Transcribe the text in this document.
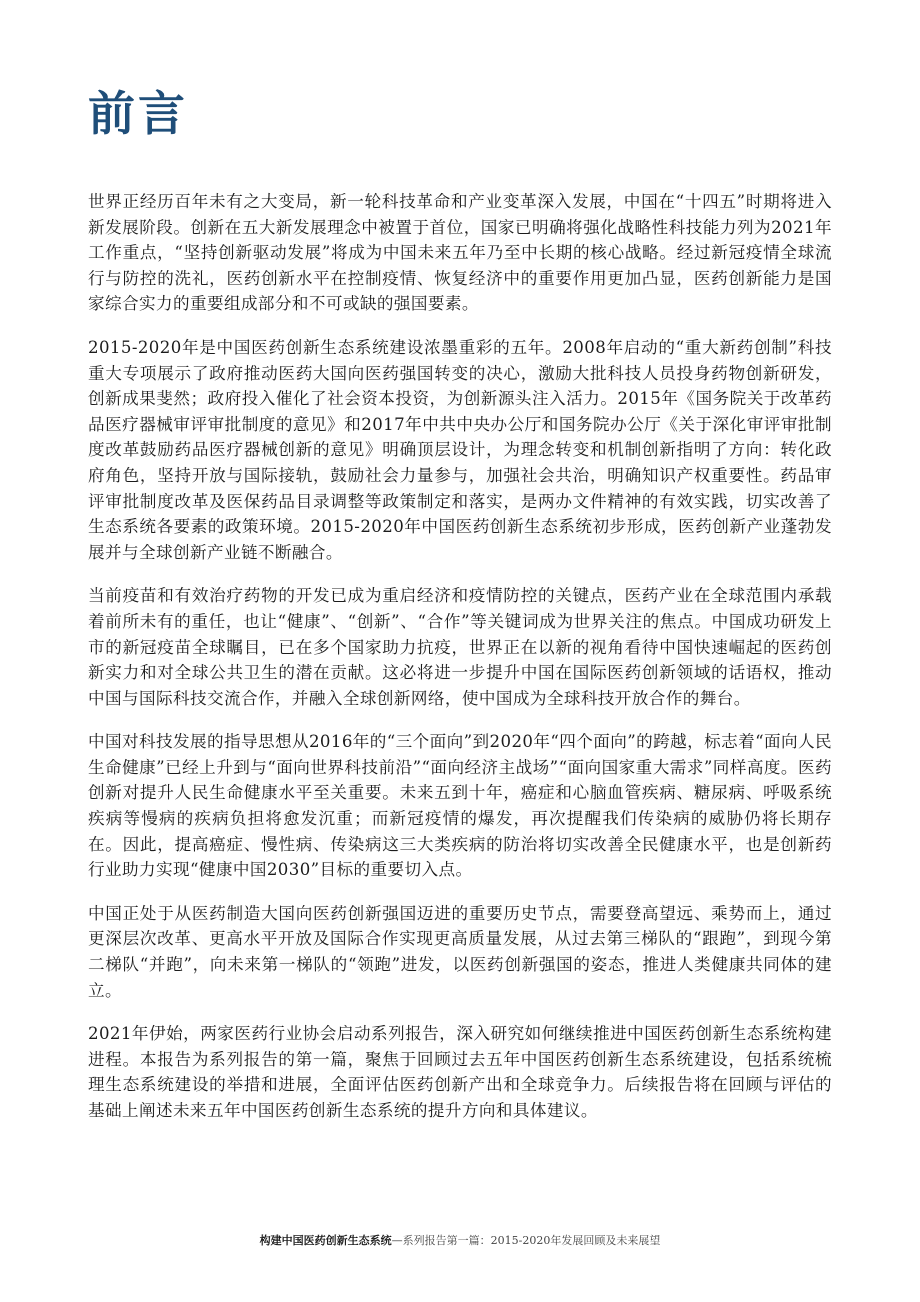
前言

世界正经历百年未有之大变局，新一轮科技革命和产业变革深入发展，中国在“十四五”时期将进入新发展阶段。创新在五大新发展理念中被置于首位，国家已明确将强化战略性科技能力列为2021年工作重点，“坚持创新驱动发展”将成为中国未来五年乃至中长期的核心战略。经过新冠疫情全球流行与防控的洗礼，医药创新水平在控制疫情、恢复经济中的重要作用更加凸显，医药创新能力是国家综合实力的重要组成部分和不可或缺的强国要素。

2015-2020年是中国医药创新生态系统建设浓墨重彩的五年。2008年启动的“重大新药创制”科技重大专项展示了政府推动医药大国向医药强国转变的决心，激励大批科技人员投身药物创新研发，创新成果斐然；政府投入催化了社会资本投资，为创新源头注入活力。2015年《国务院关于改革药品医疗器械审评审批制度的意见》和2017年中共中央办公厅和国务院办公厅《关于深化审评审批制度改革鼓励药品医疗器械创新的意见》明确顶层设计，为理念转变和机制创新指明了方向：转化政府角色，坚持开放与国际接轨，鼓励社会力量参与，加强社会共治，明确知识产权重要性。药品审评审批制度改革及医保药品目录调整等政策制定和落实，是两办文件精神的有效实践，切实改善了生态系统各要素的政策环境。2015-2020年中国医药创新生态系统初步形成，医药创新产业蓬勃发展并与全球创新产业链不断融合。

当前疫苗和有效治疗药物的开发已成为重启经济和疫情防控的关键点，医药产业在全球范围内承载着前所未有的重任，也让“健康”、“创新”、“合作”等关键词成为世界关注的焦点。中国成功研发上市的新冠疫苗全球瞩目，已在多个国家助力抗疫，世界正在以新的视角看待中国快速崛起的医药创新实力和对全球公共卫生的潜在贡献。这必将进一步提升中国在国际医药创新领域的话语权，推动中国与国际科技交流合作，并融入全球创新网络，使中国成为全球科技开放合作的舞台。

中国对科技发展的指导思想从2016年的“三个面向”到2020年“四个面向”的跨越，标志着“面向人民生命健康”已经上升到与“面向世界科技前沿”“面向经济主战场”“面向国家重大需求”同样高度。医药创新对提升人民生命健康水平至关重要。未来五到十年，癌症和心脑血管疾病、糖尿病、呼吸系统疾病等慢病的疾病负担将愈发沉重；而新冠疫情的爆发，再次提醒我们传染病的威胁仍将长期存在。因此，提高癌症、慢性病、传染病这三大类疾病的防治将切实改善全民健康水平，也是创新药行业助力实现“健康中国2030”目标的重要切入点。

中国正处于从医药制造大国向医药创新强国迈进的重要历史节点，需要登高望远、乘势而上，通过更深层次改革、更高水平开放及国际合作实现更高质量发展，从过去第三梯队的“跟跑”，到现今第二梯队“并跑”，向未来第一梯队的“领跑”进发，以医药创新强国的姿态，推进人类健康共同体的建立。

2021年伊始，两家医药行业协会启动系列报告，深入研究如何继续推进中国医药创新生态系统构建进程。本报告为系列报告的第一篇，聚焦于回顾过去五年中国医药创新生态系统建设，包括系统梳理生态系统建设的举措和进展，全面评估医药创新产出和全球竞争力。后续报告将在回顾与评估的基础上阐述未来五年中国医药创新生态系统的提升方向和具体建议。

构建中国医药创新生态系统—系列报告第一篇：2015-2020年发展回顾及未来展望
